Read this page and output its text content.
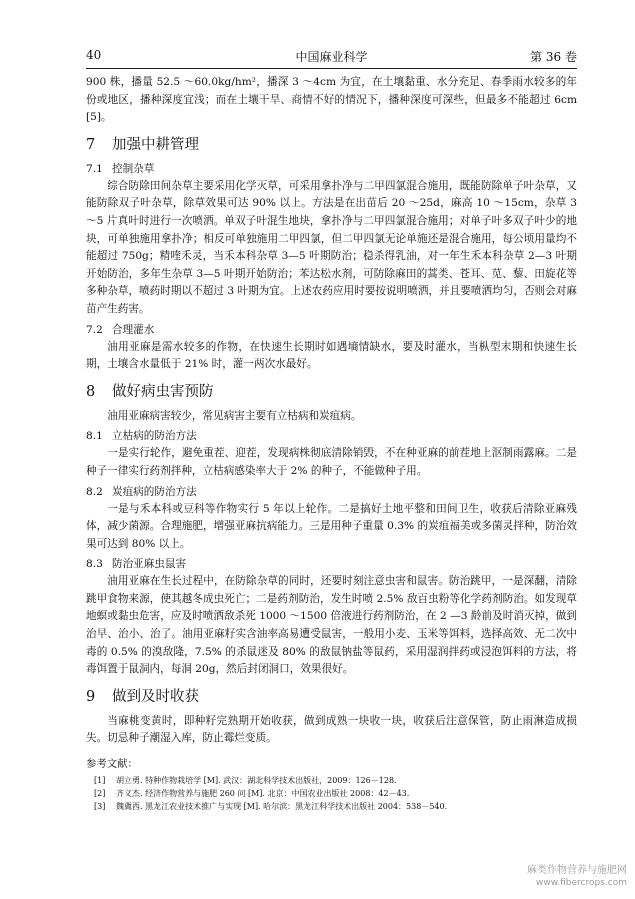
40	中国麻业科学	第 36 卷

900 株，播量 52.5 ～60.0kg/hm²，播深 3 ～4cm 为宜，在土壤黏重、水分充足、春季雨水较多的年份或地区，播种深度宜浅；而在土壤干旱、商情不好的情况下，播种深度可深些，但最多不能超过 6cm [5]。

7 加强中耕管理
7.1 控制杂草

综合防除田间杂草主要采用化学灭草，可采用拿扑净与二甲四氯混合施用，既能防除单子叶杂草，又能防除双子叶杂草，除草效果可达 90% 以上。方法是在出苗后 20 ～25d，麻高 10 ～15cm，杂草 3 ～5 片真叶时进行一次喷洒。单双子叶混生地块，拿扑净与二甲四氯混合施用；对单子叶多双子叶少的地块，可单独施用拿扑净；相反可单独施用二甲四氯，但二甲四氯无论单施还是混合施用，每公顷用量均不能超过 750g；精喹禾灵，当禾本科杂草 3—5 叶期防治；稳杀得乳油，对一年生禾本科杂草 2—3 叶期开始防治，多年生杂草 3—5 叶期开始防治；苯达松水剂，可防除麻田的蒿类、苍耳、苋、藜、田旋花等多种杂草，喷药时期以不超过 3 叶期为宜。上述农药应用时要按说明喷洒，并且要喷洒均匀，否则会对麻苗产生药害。

7.2 合理灌水

油用亚麻是需水较多的作物，在快速生长期时如遇墒情缺水，要及时灌水，当枞型末期和快速生长期，土壤含水量低于 21% 时，灌一两次水最好。

8 做好病虫害预防

油用亚麻病害较少，常见病害主要有立枯病和炭疽病。

8.1 立枯病的防治方法

一是实行轮作，避免重茬、迎茬，发现病株彻底清除销毁，不在种亚麻的前茬地上沤制雨露麻。二是种子一律实行药剂拌种，立枯病感染率大于 2% 的种子，不能做种子用。

8.2 炭疽病的防治方法

一是与禾本科或豆科等作物实行 5 年以上轮作。二是搞好土地平整和田间卫生，收获后清除亚麻残体，减少菌源。合理施肥，增强亚麻抗病能力。三是用种子重量 0.3% 的炭疽福美或多菌灵拌种，防治效果可达到 80% 以上。

8.3 防治亚麻虫鼠害

油用亚麻在生长过程中，在防除杂草的同时，还要时刻注意虫害和鼠害。防治跳甲，一是深翻，清除跳甲食物来源，使其越冬成虫死亡；二是药剂防治，发生时喷 2.5% 敌百虫粉等化学药剂防治。如发现草地螟或黏虫危害，应及时喷洒敌杀死 1000 ～1500 倍液进行药剂防治，在 2 —3 龄前及时消灭掉，做到治早、治小、治了。油用亚麻籽实含油率高易遭受鼠害，一般用小麦、玉米等饵料，选择高效、无二次中毒的 0.5% 的溴敌隆，7.5% 的杀鼠迷及 80% 的敌鼠钠盐等鼠药，采用湿润拌药或浸泡饵料的方法，将毒饵置于鼠洞内，每洞 20g，然后封闭洞口，效果很好。

9 做到及时收获

当麻桃变黄时，即种籽完熟期开始收获，做到成熟一块收一块，收获后注意保管，防止雨淋造成损失。切忌种子潮湿入库，防止霉烂变质。

参考文献：

[1] 胡立勇. 特种作物栽培学 [M]. 武汉：湖北科学技术出版社，2009：126－128.
[2] 齐义杰. 经济作物营养与施肥 260 问 [M]. 北京：中国农业出版社 2008：42－43.
[3] 魏冀西. 黑龙江农业技术推广与实现 [M]. 哈尔滨：黑龙江科学技术出版社 2004：538－540.
麻类作物营养与施肥网
www.fibercrops.com
